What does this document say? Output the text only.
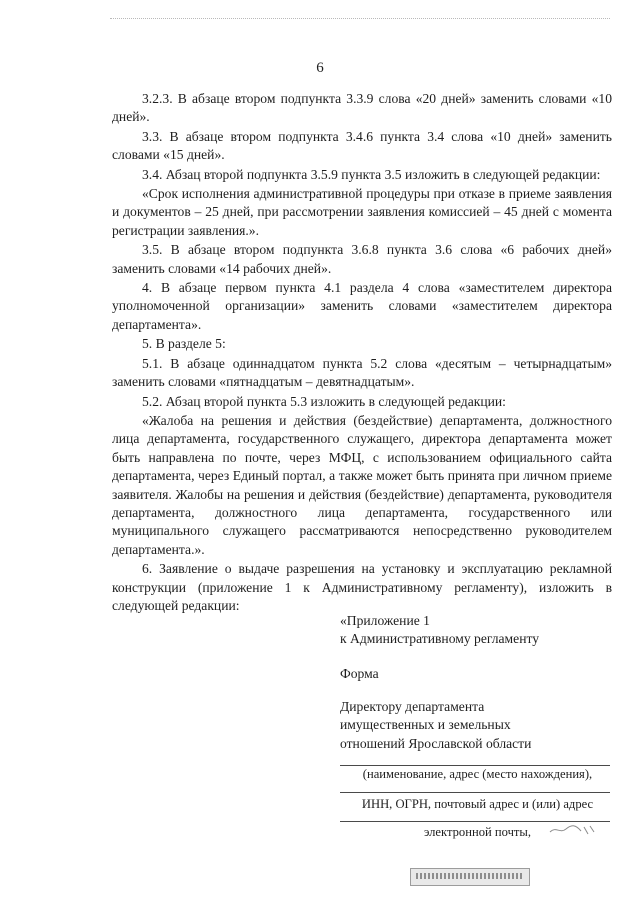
6

3.2.3. В абзаце втором подпункта 3.3.9 слова «20 дней» заменить словами «10 дней».

3.3. В абзаце втором подпункта 3.4.6 пункта 3.4 слова «10 дней» заменить словами «15 дней».

3.4. Абзац второй подпункта 3.5.9 пункта 3.5 изложить в следующей редакции:

«Срок исполнения административной процедуры при отказе в приеме заявления и документов – 25 дней, при рассмотрении заявления комиссией – 45 дней с момента регистрации заявления.».

3.5. В абзаце втором подпункта 3.6.8 пункта 3.6 слова «6 рабочих дней» заменить словами «14 рабочих дней».

4. В абзаце первом пункта 4.1 раздела 4 слова «заместителем директора уполномоченной организации» заменить словами «заместителем директора департамента».

5. В разделе 5:

5.1. В абзаце одиннадцатом пункта 5.2 слова «десятым – четырнадцатым» заменить словами «пятнадцатым – девятнадцатым».

5.2. Абзац второй пункта 5.3 изложить в следующей редакции:

«Жалоба на решения и действия (бездействие) департамента, должностного лица департамента, государственного служащего, директора департамента может быть направлена по почте, через МФЦ, с использованием официального сайта департамента, через Единый портал, а также может быть принята при личном приеме заявителя. Жалобы на решения и действия (бездействие) департамента, руководителя департамента, должностного лица департамента, государственного или муниципального служащего рассматриваются непосредственно руководителем департамента.».

6. Заявление о выдаче разрешения на установку и эксплуатацию рекламной конструкции (приложение 1 к Административному регламенту), изложить в следующей редакции:

«Приложение 1
к Административному регламенту
Форма
Директору департамента
имущественных и земельных
отношений Ярославской области
(наименование, адрес (место нахождения),
ИНН, ОГРН, почтовый адрес и (или) адрес
электронной почты,
